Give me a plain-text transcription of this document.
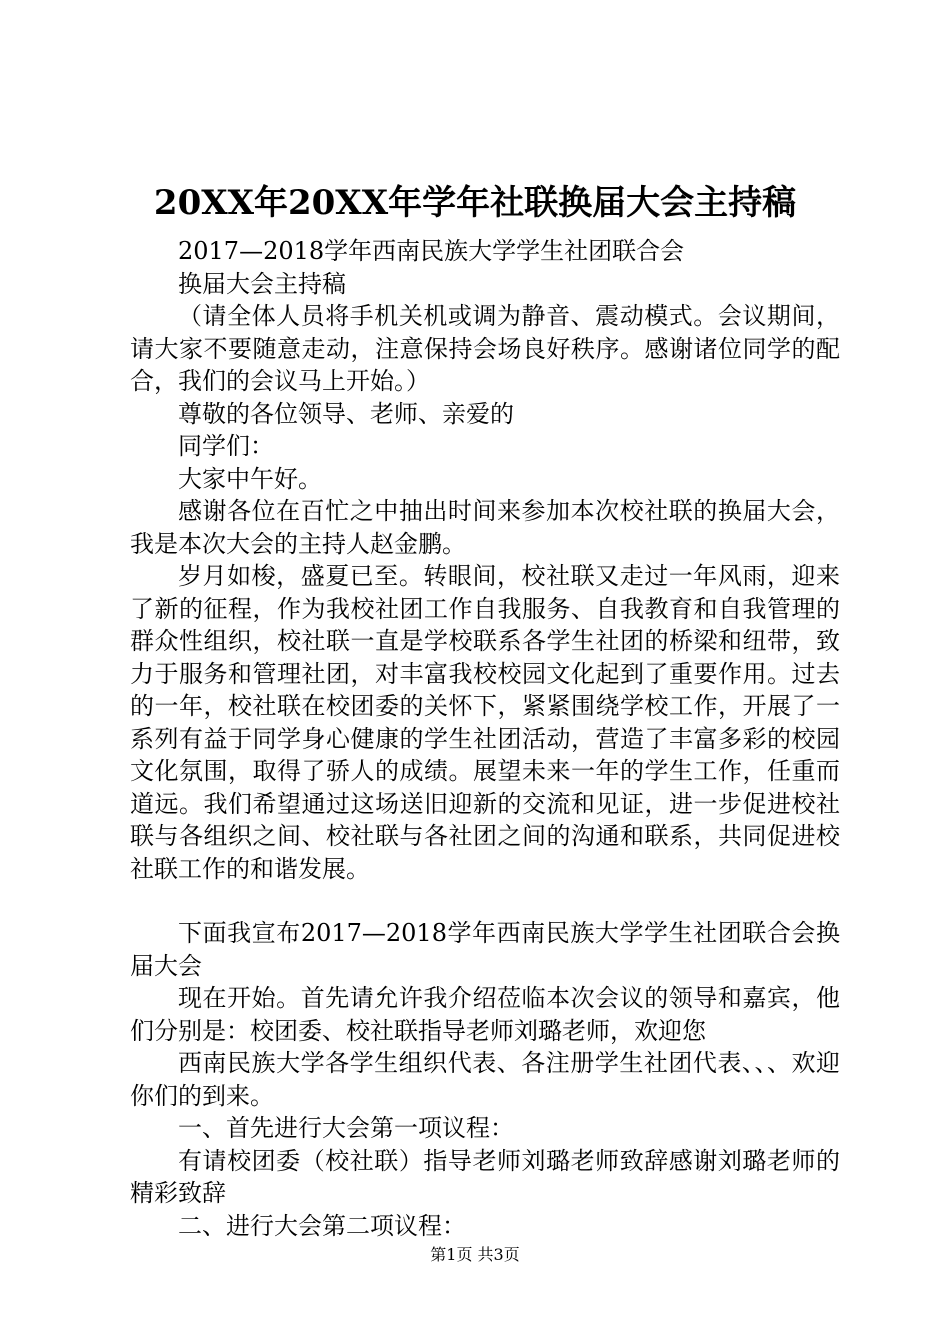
20XX年20XX年学年社联换届大会主持稿

2017—2018学年西南民族大学学生社团联合会

换届大会主持稿

（请全体人员将手机关机或调为静音、震动模式。会议期间，请大家不要随意走动，注意保持会场良好秩序。感谢诸位同学的配合，我们的会议马上开始。）

尊敬的各位领导、老师、亲爱的

同学们：

大家中午好。

感谢各位在百忙之中抽出时间来参加本次校社联的换届大会，我是本次大会的主持人赵金鹏。

岁月如梭，盛夏已至。转眼间，校社联又走过一年风雨，迎来了新的征程，作为我校社团工作自我服务、自我教育和自我管理的群众性组织，校社联一直是学校联系各学生社团的桥梁和纽带，致力于服务和管理社团，对丰富我校校园文化起到了重要作用。过去的一年，校社联在校团委的关怀下，紧紧围绕学校工作，开展了一系列有益于同学身心健康的学生社团活动，营造了丰富多彩的校园文化氛围，取得了骄人的成绩。展望未来一年的学生工作，任重而道远。我们希望通过这场送旧迎新的交流和见证，进一步促进校社联与各组织之间、校社联与各社团之间的沟通和联系，共同促进校社联工作的和谐发展。

下面我宣布2017—2018学年西南民族大学学生社团联合会换届大会

现在开始。首先请允许我介绍莅临本次会议的领导和嘉宾，他们分别是：校团委、校社联指导老师刘璐老师，欢迎您

西南民族大学各学生组织代表、各注册学生社团代表、、、欢迎你们的到来。

一、首先进行大会第一项议程：

有请校团委（校社联）指导老师刘璐老师致辞感谢刘璐老师的精彩致辞

二、进行大会第二项议程：

第1页 共3页
